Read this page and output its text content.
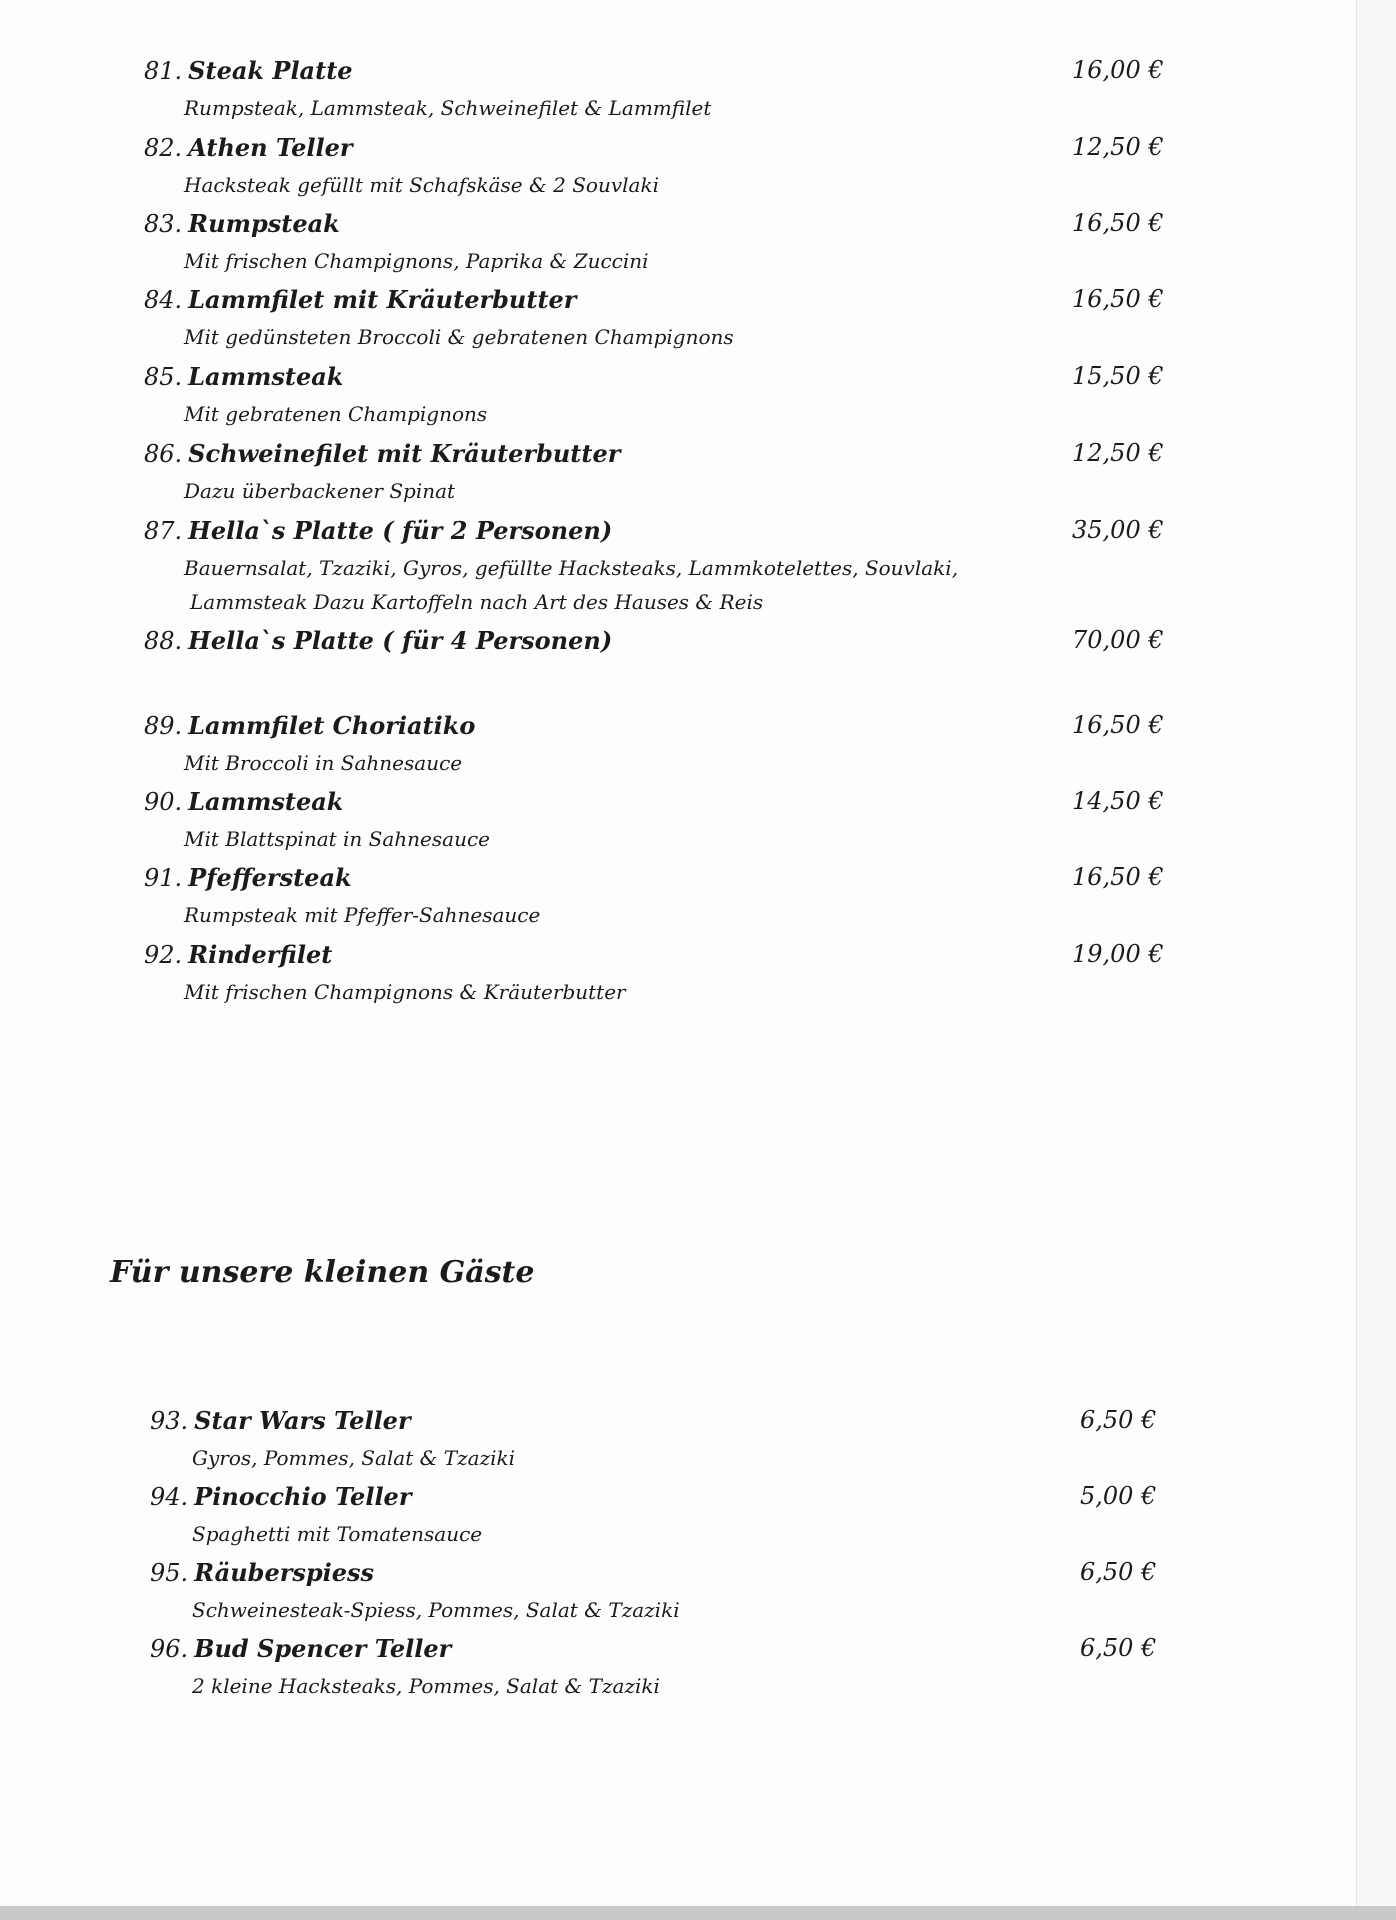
81. Steak Platte	16,00 €
Rumpsteak, Lammsteak, Schweinefilet & Lammfilet
82. Athen Teller	12,50 €
Hacksteak gefüllt mit Schafskäse & 2 Souvlaki
83. Rumpsteak	16,50 €
Mit frischen Champignons, Paprika & Zuccini
84. Lammfilet mit Kräuterbutter	16,50 €
Mit gedünsteten Broccoli & gebratenen Champignons
85. Lammsteak	15,50 €
Mit gebratenen Champignons
86. Schweinefilet mit Kräuterbutter	12,50 €
Dazu überbackener Spinat
87. Hella`s Platte ( für 2 Personen)	35,00 €
Bauernsalat, Tzaziki, Gyros, gefüllte Hacksteaks, Lammkotelettes, Souvlaki,
Lammsteak Dazu Kartoffeln nach Art des Hauses & Reis
88. Hella`s Platte ( für 4 Personen)	70,00 €
89. Lammfilet Choriatiko	16,50 €
Mit Broccoli in Sahnesauce
90. Lammsteak	14,50 €
Mit Blattspinat in Sahnesauce
91. Pfeffersteak	16,50 €
Rumpsteak mit Pfeffer-Sahnesauce
92. Rinderfilet	19,00 €
Mit frischen Champignons & Kräuterbutter
93. Star Wars Teller	6,50 €
Gyros, Pommes, Salat & Tzaziki
94. Pinocchio Teller	5,00 €
Spaghetti mit Tomatensauce
95. Räuberspiess	6,50 €
Schweinesteak-Spiess, Pommes, Salat & Tzaziki
96. Bud Spencer Teller	6,50 €
2 kleine Hacksteaks, Pommes, Salat & Tzaziki
Für unsere kleinen Gäste
